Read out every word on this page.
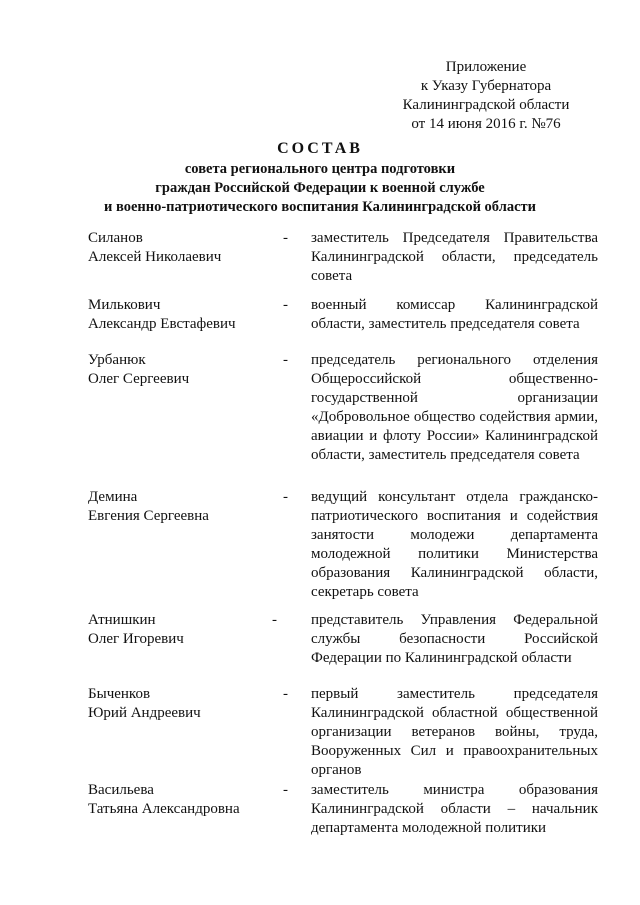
Приложение
к Указу Губернатора
Калининградской области
от 14 июня 2016 г. №76
СОСТАВ
совета регионального центра подготовки
граждан Российской Федерации к военной службе
и военно-патриотического воспитания Калининградской области
Силанов
Алексей Николаевич
- заместитель Председателя Правительства Калининградской области, председатель совета
Милькович
Александр Евстафевич
- военный комиссар Калининградской области, заместитель председателя совета
Урбанюк
Олег Сергеевич
- председатель регионального отделения Общероссийской общественно-государственной организации «Добровольное общество содействия армии, авиации и флоту России» Калининградской области, заместитель председателя совета
Демина
Евгения Сергеевна
- ведущий консультант отдела гражданско-патриотического воспитания и содействия занятости молодежи департамента молодежной политики Министерства образования Калининградской области, секретарь совета
Атнишкин
Олег Игоревич
- представитель Управления Федеральной службы безопасности Российской Федерации по Калининградской области
Быченков
Юрий Андреевич
- первый заместитель председателя Калининградской областной общественной организации ветеранов войны, труда, Вооруженных Сил и правоохранительных органов
Васильева
Татьяна Александровна
- заместитель министра образования Калининградской области – начальник департамента молодежной политики
